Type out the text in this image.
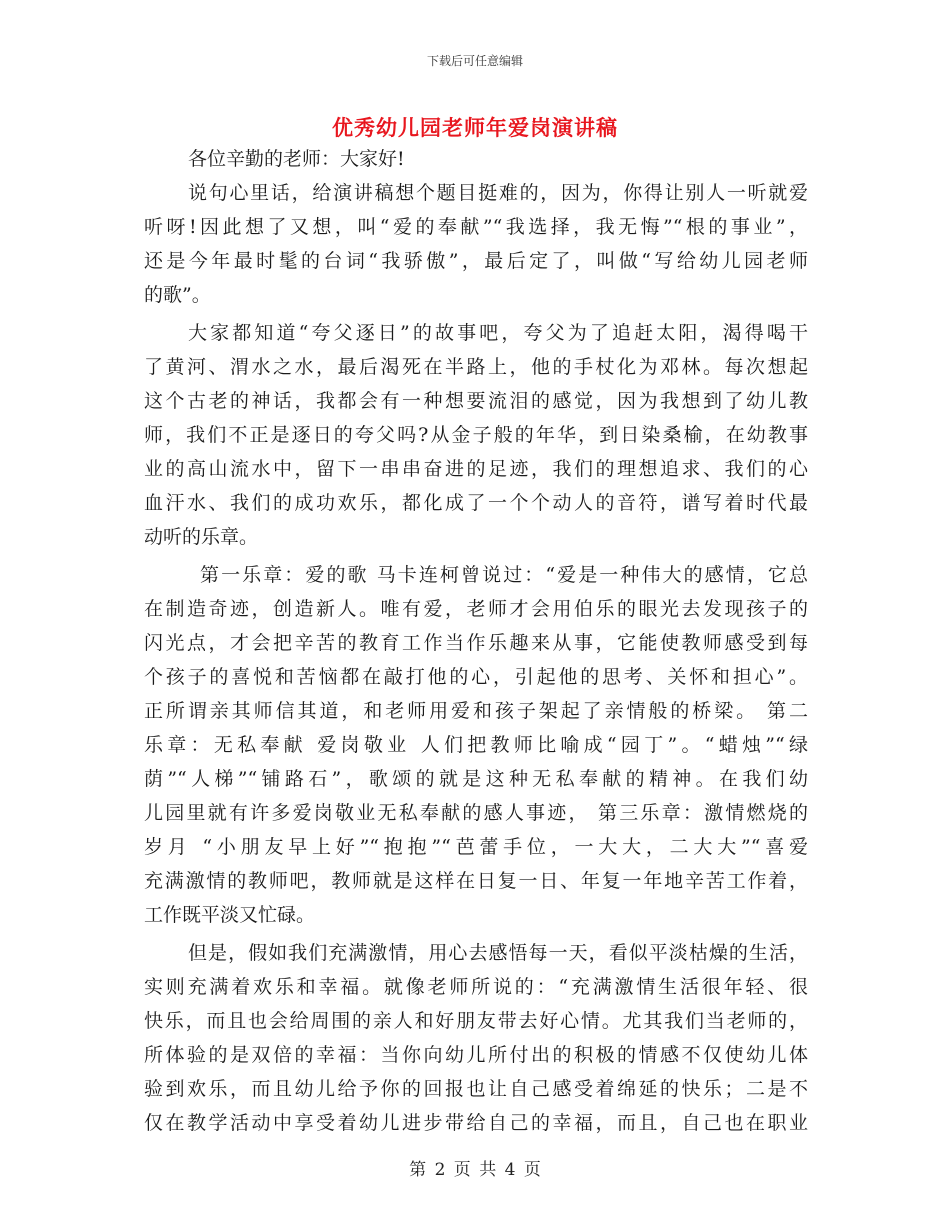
下载后可任意编辑
优秀幼儿园老师年爱岗演讲稿
各位辛勤的老师：大家好!
说句心里话，给演讲稿想个题目挺难的，因为，你得让别人一听就爱
听呀!因此想了又想，叫“爱的奉献”“我选择，我无悔”“根的事业”，
还是今年最时髦的台词“我骄傲”，最后定了，叫做“写给幼儿园老师
的歌”。
大家都知道“夸父逐日”的故事吧，夸父为了追赶太阳，渴得喝干
了黄河、渭水之水，最后渴死在半路上，他的手杖化为邓林。每次想起
这个古老的神话，我都会有一种想要流泪的感觉，因为我想到了幼儿教
师，我们不正是逐日的夸父吗?从金子般的年华，到日染桑榆，在幼教事
业的高山流水中，留下一串串奋进的足迹，我们的理想追求、我们的心
血汗水、我们的成功欢乐，都化成了一个个动人的音符，谱写着时代最
动听的乐章。
第一乐章：爱的歌 马卡连柯曾说过：“爱是一种伟大的感情，它总
在制造奇迹，创造新人。唯有爱，老师才会用伯乐的眼光去发现孩子的
闪光点，才会把辛苦的教育工作当作乐趣来从事，它能使教师感受到每
个孩子的喜悦和苦恼都在敲打他的心，引起他的思考、关怀和担心”。
正所谓亲其师信其道，和老师用爱和孩子架起了亲情般的桥梁。 第二
乐章：无私奉献 爱岗敬业 人们把教师比喻成“园丁”。“蜡烛”“绿
荫”“人梯”“铺路石”，歌颂的就是这种无私奉献的精神。在我们幼
儿园里就有许多爱岗敬业无私奉献的感人事迹， 第三乐章：激情燃烧的
岁月 “小朋友早上好”“抱抱”“芭蕾手位，一大大，二大大”“喜爱
充满激情的教师吧，教师就是这样在日复一日、年复一年地辛苦工作着，
工作既平淡又忙碌。
但是，假如我们充满激情，用心去感悟每一天，看似平淡枯燥的生活，
实则充满着欢乐和幸福。就像老师所说的：“充满激情生活很年轻、很
快乐，而且也会给周围的亲人和好朋友带去好心情。尤其我们当老师的，
所体验的是双倍的幸福：当你向幼儿所付出的积极的情感不仅使幼儿体
验到欢乐，而且幼儿给予你的回报也让自己感受着绵延的快乐；二是不
仅在教学活动中享受着幼儿进步带给自己的幸福，而且，自己也在职业
第 2 页 共 4 页
